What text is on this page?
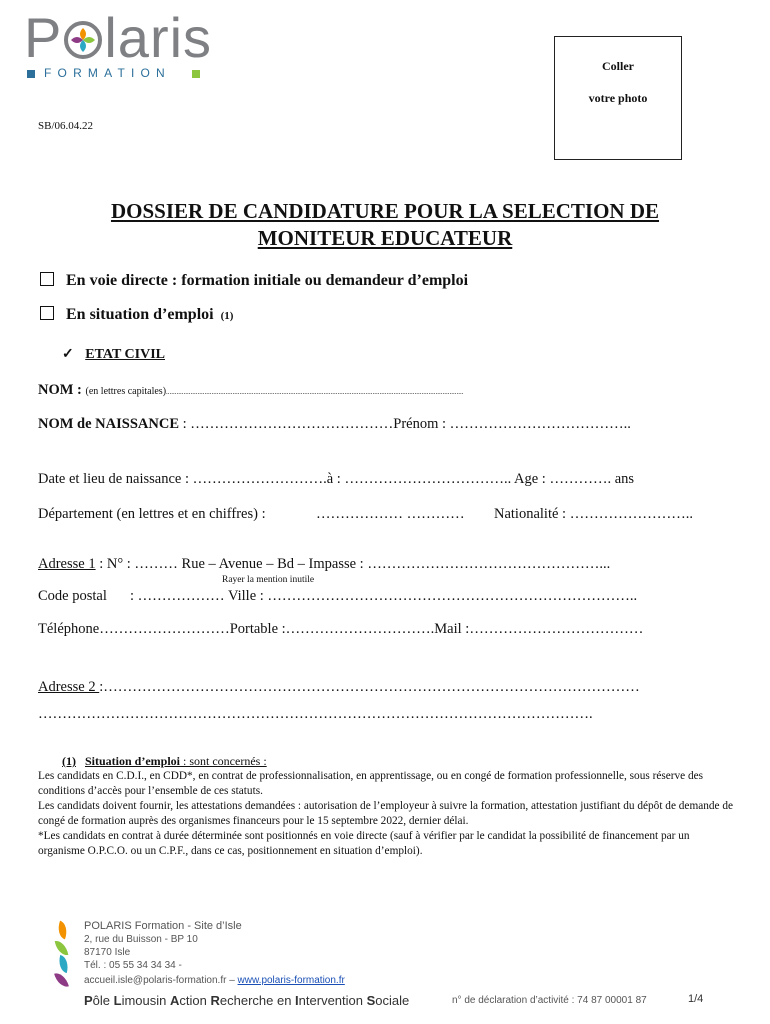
P laris
FORMATION	Coller
votre photo
SB/06.04.22
DOSSIER DE CANDIDATURE POUR LA SELECTION DE
MONITEUR EDUCATEUR
En voie directe : formation initiale ou demandeur d’emploi
En situation d’emploi (1)
✓ ETAT CIVIL
NOM : (en lettres capitales)..........................................................................................................................................................................
NOM de NAISSANCE : ……………………………………Prénom : ………………………………..
Date et lieu de naissance : ……………………….à : …………………………….. Age : …………. ans
Département (en lettres et en chiffres) :	……………… ………… Nationalité : ……………………..
Adresse 1 : N° : ……… Rue – Avenue – Bd – Impasse : …………………………………………...
Rayer la mention inutile
Code postal : ……………… Ville : …………………………………………………………………..
Téléphone………………………Portable :………………………….Mail :………………………………
Adresse 2 :…………………………………………………………………………………………………
…………………………………………………………………………………………………….
(1) Situation d’emploi : sont concernés :
Les candidats en C.D.I., en CDD*, en contrat de professionnalisation, en apprentissage, ou en congé de formation professionnelle, sous réserve des conditions d’accès pour l’ensemble de ces statuts.
Les candidats doivent fournir, les attestations demandées : autorisation de l’employeur à suivre la formation, attestation justifiant du dépôt de demande de congé de formation auprès des organismes financeurs pour le 15 septembre 2022, dernier délai.
*Les candidats en contrat à durée déterminée sont positionnés en voie directe (sauf à vérifier par le candidat la possibilité de financement par un organisme O.P.C.O. ou un C.P.F., dans ce cas, positionnement en situation d’emploi).
POLARIS Formation - Site d’Isle
2, rue du Buisson - BP 10
87170 Isle
Tél. : 05 55 34 34 34 -
accueil.isle@polaris-formation.fr – www.polaris-formation.fr
Pôle Limousin Action Recherche en Intervention Sociale	n° de déclaration d’activité : 74 87 00001 87	1/4
